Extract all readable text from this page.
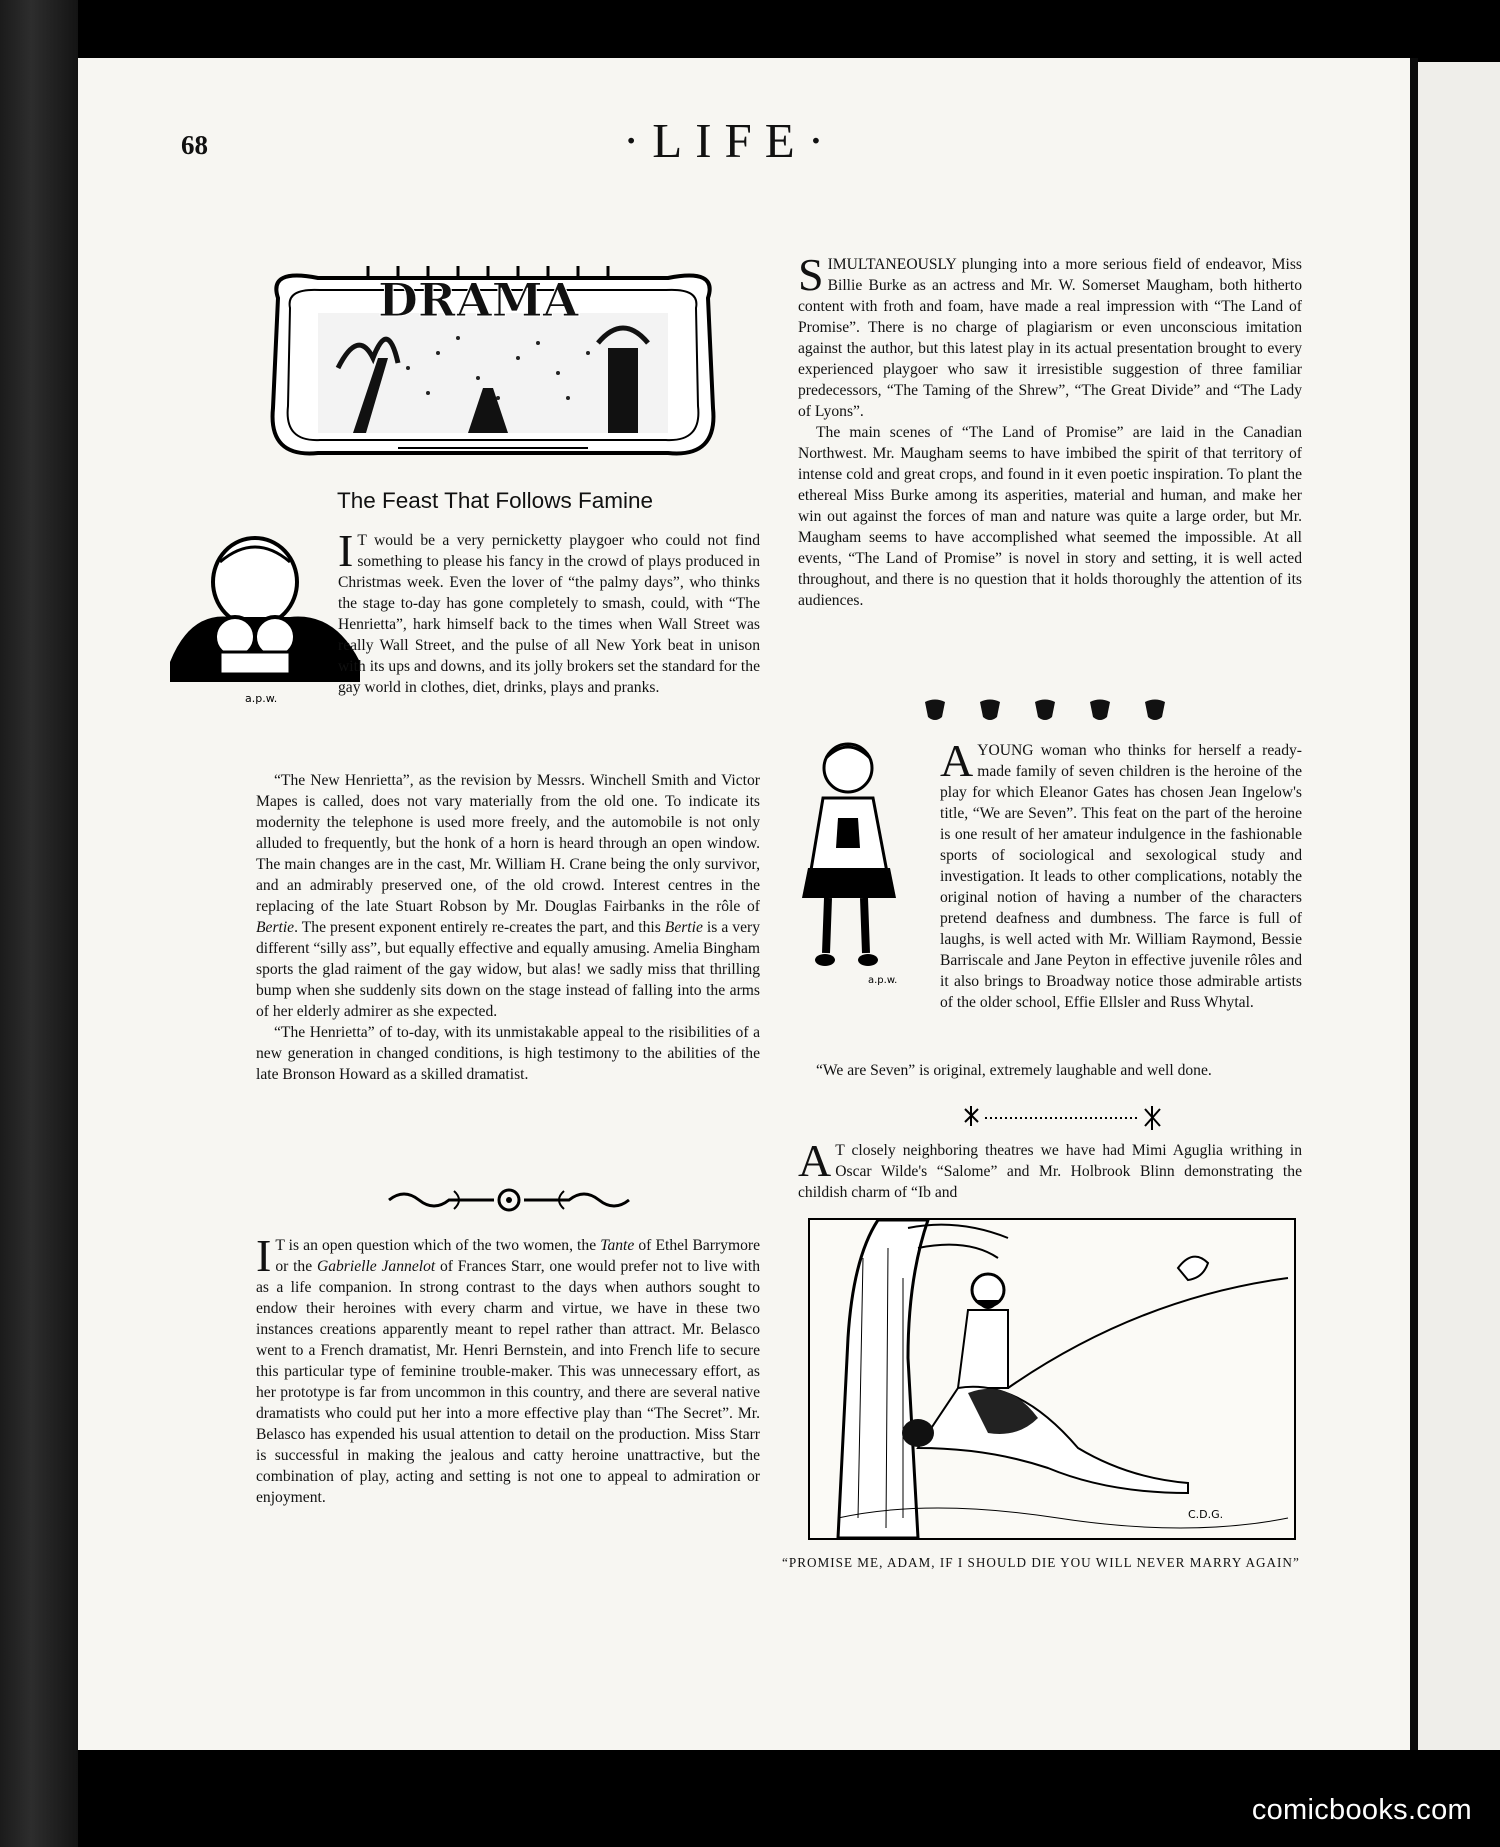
68	·LIFE·
DRAMA
The Feast That Follows Famine
a.p.w.

I T would be a very pernicketty playgoer who could not find something to please his fancy in the crowd of plays produced in Christmas week. Even the lover of “the palmy days”, who thinks the stage to-day has gone completely to smash, could, with “The Henrietta”, hark himself back to the times when Wall Street was really Wall Street, and the pulse of all New York beat in unison with its ups and downs, and its jolly brokers set the standard for the gay world in clothes, diet, drinks, plays and pranks.

“The New Henrietta”, as the revision by Messrs. Winchell Smith and Victor Mapes is called, does not vary materially from the old one. To indicate its modernity the telephone is used more freely, and the automobile is not only alluded to frequently, but the honk of a horn is heard through an open window. The main changes are in the cast, Mr. William H. Crane being the only survivor, and an admirably preserved one, of the old crowd. Interest centres in the replacing of the late Stuart Robson by Mr. Douglas Fairbanks in the rôle of Bertie. The present exponent entirely re-creates the part, and this Bertie is a very different “silly ass”, but equally effective and equally amusing. Amelia Bingham sports the glad raiment of the gay widow, but alas! we sadly miss that thrilling bump when she suddenly sits down on the stage instead of falling into the arms of her elderly admirer as she expected.

“The Henrietta” of to-day, with its unmistakable appeal to the risibilities of a new generation in changed conditions, is high testimony to the abilities of the late Bronson Howard as a skilled dramatist.

I T is an open question which of the two women, the Tante of Ethel Barrymore or the Gabrielle Jannelot of Frances Starr, one would prefer not to live with as a life companion. In strong contrast to the days when authors sought to endow their heroines with every charm and virtue, we have in these two instances creations apparently meant to repel rather than attract. Mr. Belasco went to a French dramatist, Mr. Henri Bernstein, and into French life to secure this particular type of feminine trouble-maker. This was unnecessary effort, as her prototype is far from uncommon in this country, and there are several native dramatists who could put her into a more effective play than “The Secret”. Mr. Belasco has expended his usual attention to detail on the production. Miss Starr is successful in making the jealous and catty heroine unattractive, but the combination of play, acting and setting is not one to appeal to admiration or enjoyment.

SIMULTANEOUSLY plunging into a more serious field of endeavor, Miss Billie Burke as an actress and Mr. W. Somerset Maugham, both hitherto content with froth and foam, have made a real impression with “The Land of Promise”. There is no charge of plagiarism or even unconscious imitation against the author, but this latest play in its actual presentation brought to every experienced playgoer who saw it irresistible suggestion of three familiar predecessors, “The Taming of the Shrew”, “The Great Divide” and “The Lady of Lyons”.

The main scenes of “The Land of Promise” are laid in the Canadian Northwest. Mr. Maugham seems to have imbibed the spirit of that territory of intense cold and great crops, and found in it even poetic inspiration. To plant the ethereal Miss Burke among its asperities, material and human, and make her win out against the forces of man and nature was quite a large order, but Mr. Maugham seems to have accomplished what seemed the impossible. At all events, “The Land of Promise” is novel in story and setting, it is well acted throughout, and there is no question that it holds thoroughly the attention of its audiences.

a.p.w.

AYOUNG woman who thinks for herself a ready-made family of seven children is the heroine of the play for which Eleanor Gates has chosen Jean Ingelow's title, “We are Seven”. This feat on the part of the heroine is one result of her amateur indulgence in the fashionable sports of sociological and sexological study and investigation. It leads to other complications, notably the original notion of having a number of the characters pretend deafness and dumbness. The farce is full of laughs, is well acted with Mr. William Raymond, Bessie Barriscale and Jane Peyton in effective juvenile rôles and it also brings to Broadway notice those admirable artists of the older school, Effie Ellsler and Russ Whytal.

“We are Seven” is original, extremely laughable and well done.

A T closely neighboring theatres we have had Mimi Aguglia writhing in Oscar Wilde's “Salome” and Mr. Holbrook Blinn demonstrating the childish charm of “Ib and

C.D.G.
“PROMISE ME, ADAM, IF I SHOULD DIE YOU WILL NEVER MARRY AGAIN”
comicbooks.com
